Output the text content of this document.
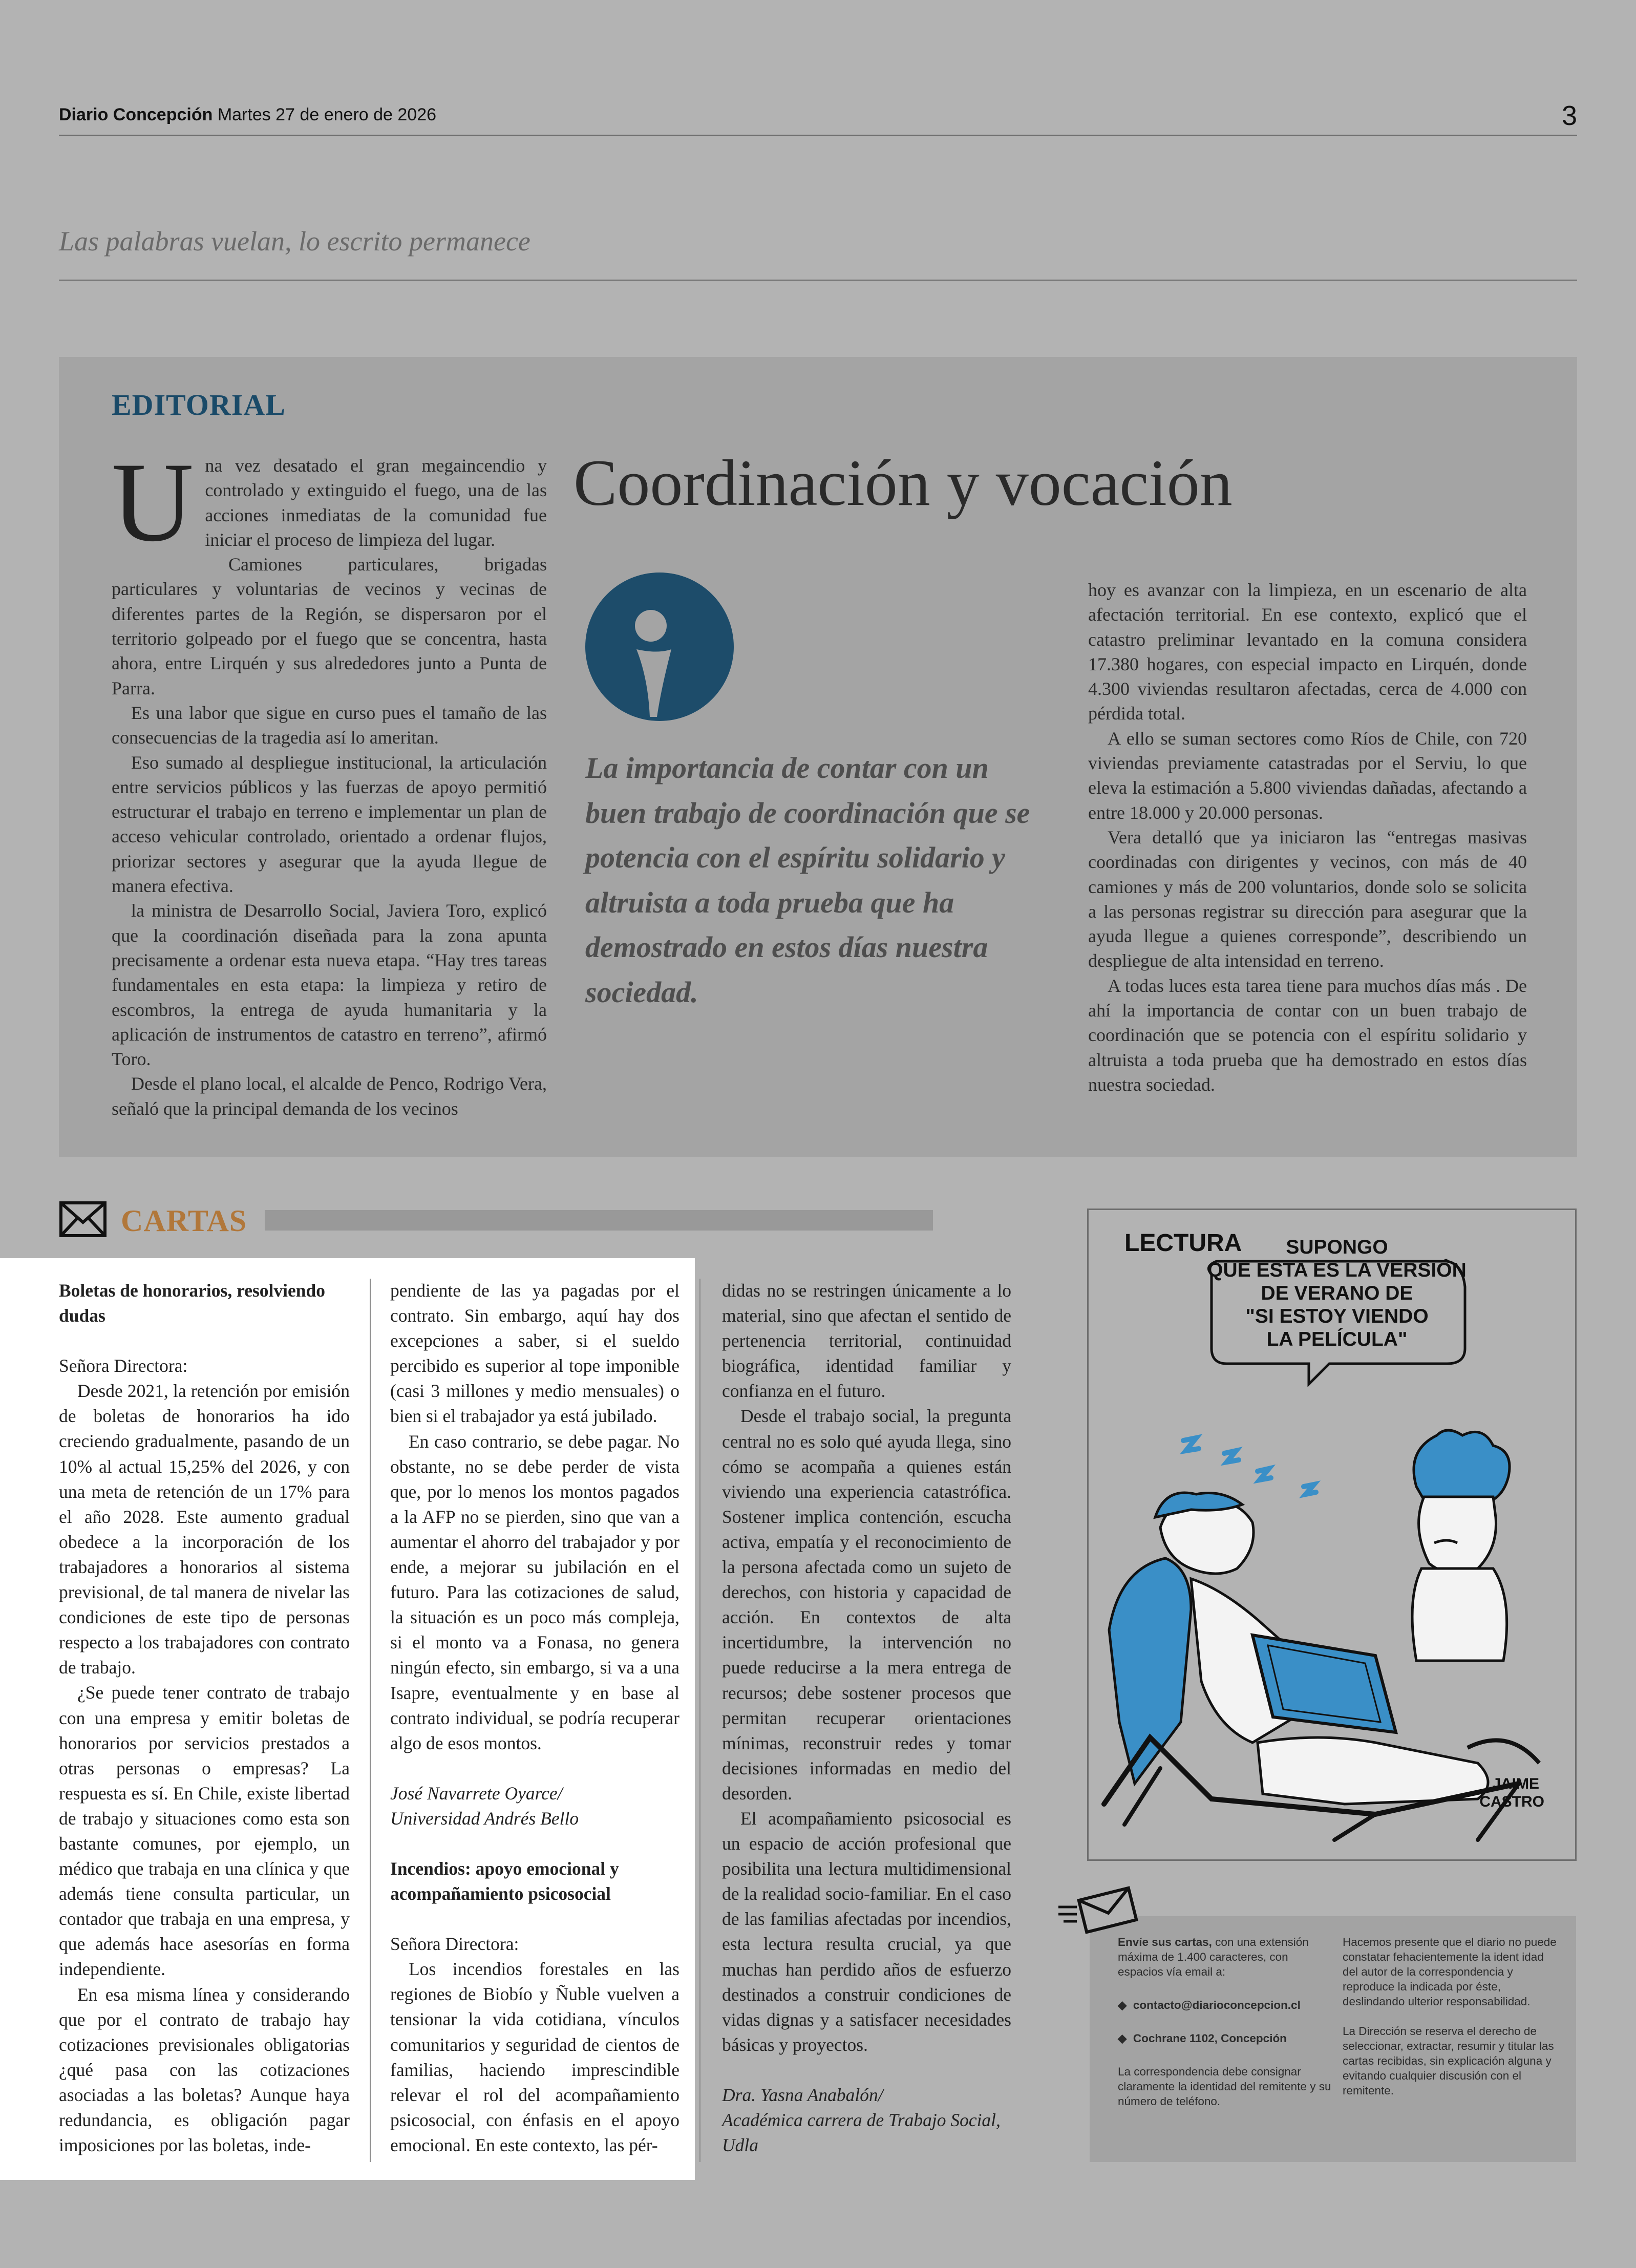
Diario Concepción Martes 27 de enero de 2026	3
Las palabras vuelan, lo escrito permanece
EDITORIAL
Coordinación y vocación

Una vez desatado el gran megaincendio y controlado y extinguido el fuego, una de las acciones inmediatas de la comunidad fue iniciar el proceso de limpieza del lugar.

Camiones particulares, brigadas particulares y voluntarias de vecinos y vecinas de diferentes partes de la Región, se dispersaron por el territorio golpeado por el fuego que se concentra, hasta ahora, entre Lirquén y sus alrededores junto a Punta de Parra.

Es una labor que sigue en curso pues el tamaño de las consecuencias de la tragedia así lo ameritan.

Eso sumado al despliegue institucional, la articulación entre servicios públicos y las fuerzas de apoyo permitió estructurar el trabajo en terreno e implementar un plan de acceso vehicular controlado, orientado a ordenar flujos, priorizar sectores y asegurar que la ayuda llegue de manera efectiva.

la ministra de Desarrollo Social, Javiera Toro, explicó que la coordinación diseñada para la zona apunta precisamente a ordenar esta nueva etapa. “Hay tres tareas fundamentales en esta etapa: la limpieza y retiro de escombros, la entrega de ayuda humanitaria y la aplicación de instrumentos de catastro en terreno”, afirmó Toro.

Desde el plano local, el alcalde de Penco, Rodrigo Vera, señaló que la principal demanda de los vecinos

La importancia de contar con un buen trabajo de coordinación que se potencia con el espíritu solidario y altruista a toda prueba que ha demostrado en estos días nuestra sociedad.

hoy es avanzar con la limpieza, en un escenario de alta afectación territorial. En ese contexto, explicó que el catastro preliminar levantado en la comuna considera 17.380 hogares, con especial impacto en Lirquén, donde 4.300 viviendas resultaron afectadas, cerca de 4.000 con pérdida total.

A ello se suman sectores como Ríos de Chile, con 720 viviendas previamente catastradas por el Serviu, lo que eleva la estimación a 5.800 viviendas dañadas, afectando a entre 18.000 y 20.000 personas.

Vera detalló que ya iniciaron las “entregas masivas coordinadas con dirigentes y vecinos, con más de 40 camiones y más de 200 voluntarios, donde solo se solicita a las personas registrar su dirección para asegurar que la ayuda llegue a quienes corresponde”, describiendo un despliegue de alta intensidad en terreno.

A todas luces esta tarea tiene para muchos días más . De ahí la importancia de contar con un buen trabajo de coordinación que se potencia con el espíritu solidario y altruista a toda prueba que ha demostrado en estos días nuestra sociedad.

CARTAS

Boletas de honorarios, resolviendo dudas

Señora Directora:

Desde 2021, la retención por emisión de boletas de honorarios ha ido creciendo gradualmente, pasando de un 10% al actual 15,25% del 2026, y con una meta de retención de un 17% para el año 2028. Este aumento gradual obedece a la incorporación de los trabajadores a honorarios al sistema previsional, de tal manera de nivelar las condiciones de este tipo de personas respecto a los trabajadores con contrato de trabajo.

¿Se puede tener contrato de trabajo con una empresa y emitir boletas de honorarios por servicios prestados a otras personas o empresas? La respuesta es sí. En Chile, existe libertad de trabajo y situaciones como esta son bastante comunes, por ejemplo, un médico que trabaja en una clínica y que además tiene consulta particular, un contador que trabaja en una empresa, y que además hace asesorías en forma independiente.

En esa misma línea y considerando que por el contrato de trabajo hay cotizaciones previsionales obligatorias ¿qué pasa con las cotizaciones asociadas a las boletas? Aunque haya redundancia, es obligación pagar imposiciones por las boletas, inde-

pendiente de las ya pagadas por el contrato. Sin embargo, aquí hay dos excepciones a saber, si el sueldo percibido es superior al tope imponible (casi 3 millones y medio mensuales) o bien si el trabajador ya está jubilado.

En caso contrario, se debe pagar. No obstante, no se debe perder de vista que, por lo menos los montos pagados a la AFP no se pierden, sino que van a aumentar el ahorro del trabajador y por ende, a mejorar su jubilación en el futuro. Para las cotizaciones de salud, la situación es un poco más compleja, si el monto va a Fonasa, no genera ningún efecto, sin embargo, si va a una Isapre, eventualmente y en base al contrato individual, se podría recuperar algo de esos montos.

José Navarrete Oyarce/

Universidad Andrés Bello

Incendios: apoyo emocional y acompañamiento psicosocial

Señora Directora:

Los incendios forestales en las regiones de Biobío y Ñuble vuelven a tensionar la vida cotidiana, vínculos comunitarios y seguridad de cientos de familias, haciendo imprescindible relevar el rol del acompañamiento psicosocial, con énfasis en el apoyo emocional. En este contexto, las pér-

didas no se restringen únicamente a lo material, sino que afectan el sentido de pertenencia territorial, continuidad biográfica, identidad familiar y confianza en el futuro.

Desde el trabajo social, la pregunta central no es solo qué ayuda llega, sino cómo se acompaña a quienes están viviendo una experiencia catastrófica. Sostener implica contención, escucha activa, empatía y el reconocimiento de la persona afectada como un sujeto de derechos, con historia y capacidad de acción. En contextos de alta incertidumbre, la intervención no puede reducirse a la mera entrega de recursos; debe sostener procesos que permitan recuperar orientaciones mínimas, reconstruir redes y tomar decisiones informadas en medio del desorden.

El acompañamiento psicosocial es un espacio de acción profesional que posibilita una lectura multidimensional de la realidad socio-familiar. En el caso de las familias afectadas por incendios, esta lectura resulta crucial, ya que muchas han perdido años de esfuerzo destinados a construir condiciones de vidas dignas y a satisfacer necesidades básicas y proyectos.

Dra. Yasna Anabalón/

Académica carrera de Trabajo Social, Udla

LECTURA SUPONGO
QUE ESTA ES LA VERSIÓN
DE VERANO DE
"SI ESTOY VIENDO
LA PELÍCULA"
JAIME
CASTRO
Envíe sus cartas, con una extensión máxima de 1.400 caracteres, con espacios vía email a:
◆ contacto@diarioconcepcion.cl
◆ Cochrane 1102, Concepción
La correspondencia debe consignar claramente la identidad del remitente y su número de teléfono.
Hacemos presente que el diario no puede constatar fehacientemente la ident idad del autor de la correspondencia y reproduce la indicada por éste, deslindando ulterior responsabilidad.
La Dirección se reserva el derecho de seleccionar, extractar, resumir y titular las cartas recibidas, sin explicación alguna y evitando cualquier discusión con el remitente.
